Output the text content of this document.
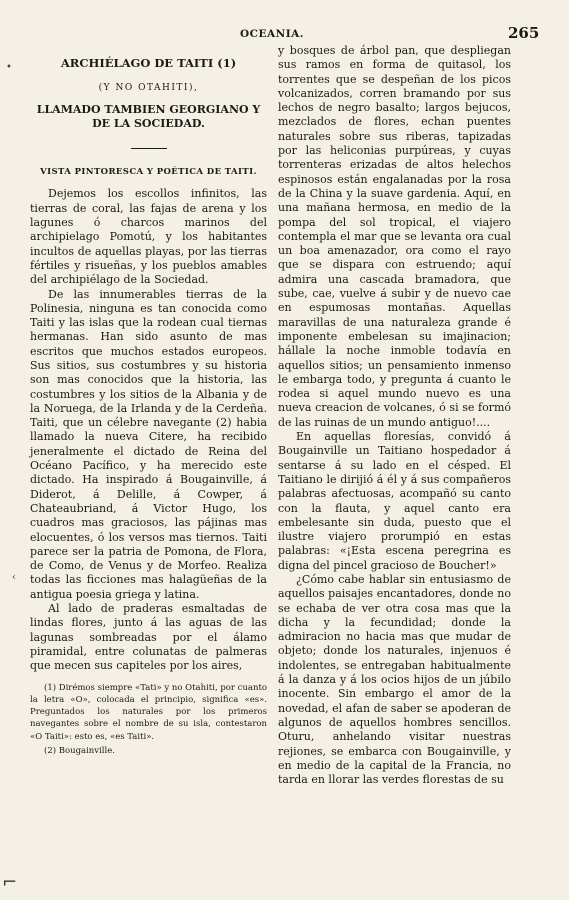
OCEANIA.	265
•
‹
⌐
ARCHIÉLAGO DE TAITI (1)
(Y NO OTAHITI),
LLAMADO TAMBIEN GEORGIANO Y DE LA SOCIEDAD.
VISTA PINTORESCA Y POÉTICA DE TAITI.

Dejemos los escollos infinitos, las tierras de coral, las fajas de arena y los lagunes ó charcos marinos del archipielago Pomotú, y los habitantes incultos de aquellas playas, por las tierras fértiles y risueñas, y los pueblos amables del archipiélago de la Sociedad.

De las innumerables tierras de la Polinesia, ninguna es tan conocida como Taiti y las islas que la rodean cual tiernas hermanas. Han sido asunto de mas escritos que muchos estados europeos. Sus sitios, sus costumbres y su historia son mas conocidos que la historia, las costumbres y los sitios de la Albania y de la Noruega, de la Irlanda y de la Cerdeña. Taiti, que un célebre navegante (2) habia llamado la nueva Citere, ha recibido jeneralmente el dictado de Reina del Océano Pacífico, y ha merecido este dictado. Ha inspirado á Bougainville, á Diderot, á Delille, á Cowper, á Chateaubriand, á Victor Hugo, los cuadros mas graciosos, las pájinas mas elocuentes, ó los versos mas tiernos. Taiti parece ser la patria de Pomona, de Flora, de Como, de Venus y de Morfeo. Realiza todas las ficciones mas halagüeñas de la antigua poesia griega y latina.

Al lado de praderas esmaltadas de lindas flores, junto á las aguas de las lagunas sombreadas por el álamo piramidal, entre colunatas de palmeras que mecen sus capiteles por los aires,

(1) Dirémos siempre «Tati» y no Otahiti, por cuanto la letra «O», colocada el principio, significa «es». Preguntados los naturales por los primeros navegantes sobre el nombre de su isla, contestaron «O Taiti»: esto es, «es Taiti».

(2) Bougainville.

y bosques de árbol pan, que despliegan sus ramos en forma de quitasol, los torrentes que se despeñan de los picos volcanizados, corren bramando por sus lechos de negro basalto; largos bejucos, mezclados de flores, echan puentes naturales sobre sus riberas, tapizadas por las heliconias purpúreas, y cuyas torrenteras erizadas de altos helechos espinosos están engalanadas por la rosa de la China y la suave gardenia. Aquí, en una mañana hermosa, en medio de la pompa del sol tropical, el viajero contempla el mar que se levanta ora cual un boa amenazador, ora como el rayo que se dispara con estruendo; aquí admira una cascada bramadora, que sube, cae, vuelve á subir y de nuevo cae en espumosas montañas. Aquellas maravillas de una naturaleza grande é imponente embelesan su imajinacion; hállale la noche inmoble todavía en aquellos sitios; un pensamiento inmenso le embarga todo, y pregunta á cuanto le rodea si aquel mundo nuevo es una nueva creacion de volcanes, ó si se formó de las ruinas de un mundo antiguo!....

En aquellas floresías, convidó á Bougainville un Taitiano hospedador á sentarse á su lado en el césped. El Taitiano le dirijió á él y á sus compañeros palabras afectuosas, acompañó su canto con la flauta, y aquel canto era embelesante sin duda, puesto que el ilustre viajero prorumpió en estas palabras: «¡Esta escena peregrina es digna del pincel gracioso de Boucher!»

¿Cómo cabe hablar sin entusiasmo de aquellos paisajes encantadores, donde no se echaba de ver otra cosa mas que la dicha y la fecundidad; donde la admiracion no hacia mas que mudar de objeto; donde los naturales, injenuos é indolentes, se entregaban habitualmente á la danza y á los ocios hijos de un júbilo inocente. Sin embargo el amor de la novedad, el afan de saber se apoderan de algunos de aquellos hombres sencillos. Oturu, anhelando visitar nuestras rejiones, se embarca con Bougainville, y en medio de la capital de la Francia, no tarda en llorar las verdes florestas de su
